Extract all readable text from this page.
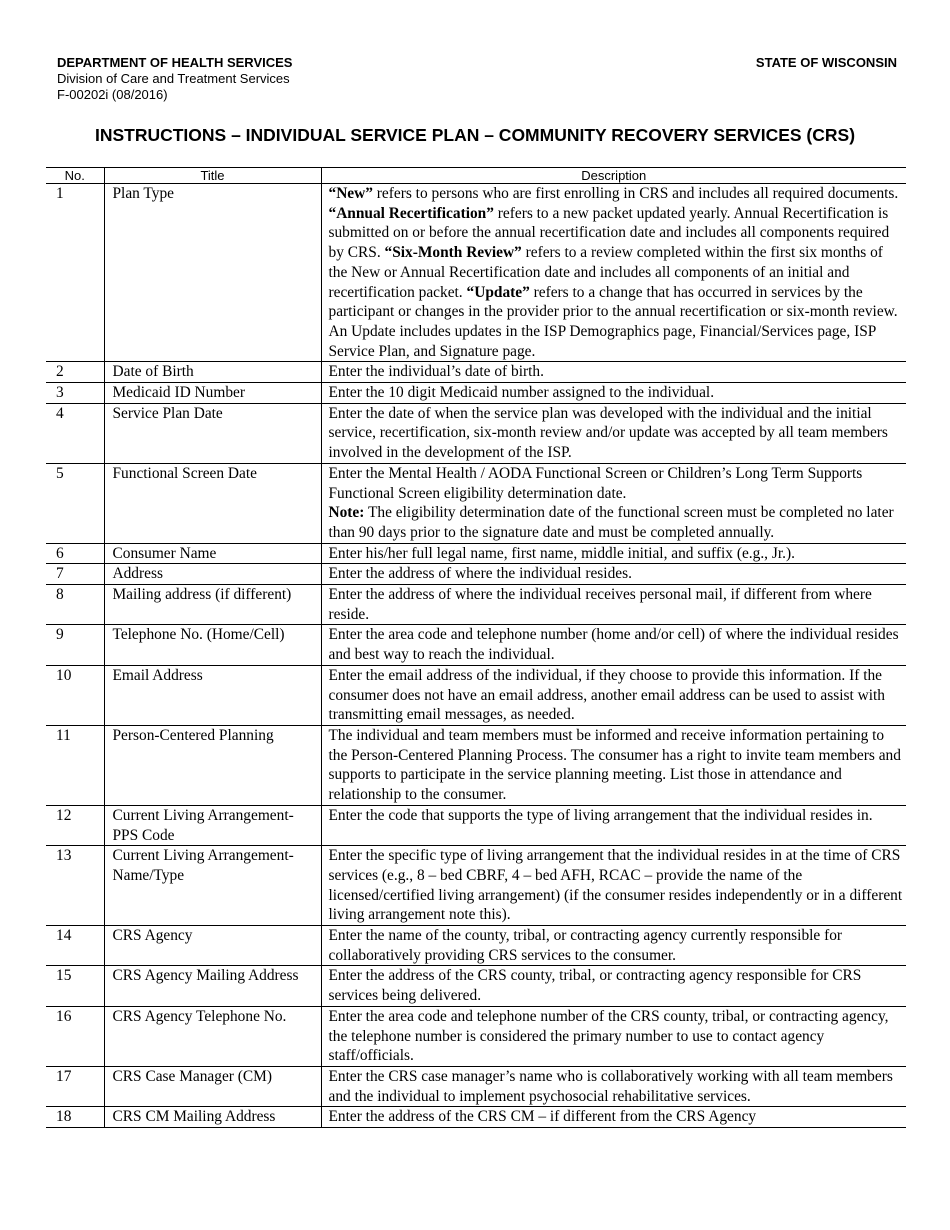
DEPARTMENT OF HEALTH SERVICES
Division of Care and Treatment Services
F-00202i (08/2016)
STATE OF WISCONSIN
INSTRUCTIONS – INDIVIDUAL SERVICE PLAN – COMMUNITY RECOVERY SERVICES (CRS)
No.	Title	Description
1	Plan Type	“New” refers to persons who are first enrolling in CRS and includes all required documents. “Annual Recertification” refers to a new packet updated yearly. Annual Recertification is submitted on or before the annual recertification date and includes all components required by CRS. “Six-Month Review” refers to a review completed within the first six months of the New or Annual Recertification date and includes all components of an initial and recertification packet. “Update” refers to a change that has occurred in services by the participant or changes in the provider prior to the annual recertification or six-month review. An Update includes updates in the ISP Demographics page, Financial/Services page, ISP Service Plan, and Signature page.
2	Date of Birth	Enter the individual’s date of birth.
3	Medicaid ID Number	Enter the 10 digit Medicaid number assigned to the individual.
4	Service Plan Date	Enter the date of when the service plan was developed with the individual and the initial service, recertification, six-month review and/or update was accepted by all team members involved in the development of the ISP.
5	Functional Screen Date	Enter the Mental Health / AODA Functional Screen or Children’s Long Term Supports Functional Screen eligibility determination date.
Note: The eligibility determination date of the functional screen must be completed no later than 90 days prior to the signature date and must be completed annually.
6	Consumer Name	Enter his/her full legal name, first name, middle initial, and suffix (e.g., Jr.).
7	Address	Enter the address of where the individual resides.
8	Mailing address (if different)	Enter the address of where the individual receives personal mail, if different from where reside.
9	Telephone No. (Home/Cell)	Enter the area code and telephone number (home and/or cell) of where the individual resides and best way to reach the individual.
10	Email Address	Enter the email address of the individual, if they choose to provide this information. If the consumer does not have an email address, another email address can be used to assist with transmitting email messages, as needed.
11	Person-Centered Planning	The individual and team members must be informed and receive information pertaining to the Person-Centered Planning Process. The consumer has a right to invite team members and supports to participate in the service planning meeting. List those in attendance and relationship to the consumer.
12	Current Living Arrangement- PPS Code	Enter the code that supports the type of living arrangement that the individual resides in.
13	Current Living Arrangement- Name/Type	Enter the specific type of living arrangement that the individual resides in at the time of CRS services (e.g., 8 – bed CBRF, 4 – bed AFH, RCAC – provide the name of the licensed/certified living arrangement) (if the consumer resides independently or in a different living arrangement note this).
14	CRS Agency	Enter the name of the county, tribal, or contracting agency currently responsible for collaboratively providing CRS services to the consumer.
15	CRS Agency Mailing Address	Enter the address of the CRS county, tribal, or contracting agency responsible for CRS services being delivered.
16	CRS Agency Telephone No.	Enter the area code and telephone number of the CRS county, tribal, or contracting agency, the telephone number is considered the primary number to use to contact agency staff/officials.
17	CRS Case Manager (CM)	Enter the CRS case manager’s name who is collaboratively working with all team members and the individual to implement psychosocial rehabilitative services.
18	CRS CM Mailing Address	Enter the address of the CRS CM – if different from the CRS Agency
